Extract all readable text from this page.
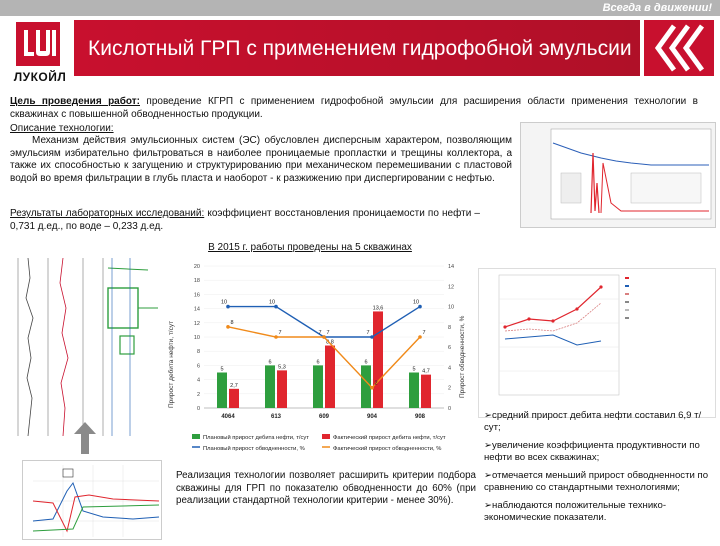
Всегда в движении!
ЛУКОЙЛ
Кислотный ГРП с применением гидрофобной эмульсии
Цель проведения работ: проведение КГРП с применением гидрофобной эмульсии для расширения области применения технологии в скважинах с повышенной обводненностью продукции.
Описание технологии:
Механизм действия эмульсионных систем (ЭС) обусловлен дисперсным характером, позволяющим эмульсиям избирательно фильтроваться в наиболее проницаемые пропластки и трещины коллектора, а также их способностью к загущению и структурированию при механическом перемешивании с пластовой водой во время фильтрации в глубь пласта и наоборот - к разжижению при диспергировании с нефтью.
Результаты лабораторных исследований: коэффициент восстановления проницаемости по нефти – 0,731 д.ед., по воде – 0,233 д.ед.
В 2015 г. работы проведены на 5 скважинах
Прирост дебита нефти, т/сут	Прирост обводненности, %
0
2
4
6
8
10
12
14
16
18
20
5
6	6	6
5
2,7
5,3
8,8
13,6
4,7
10	10
7	7
10
8
7	7
2
7
0
2
4
6
8
10
12
14
4064	613	609	904	908
Плановый прирост дебита нефти, т/сут	Фактический прирост дебита нефти, т/сут
Плановый прирост обводненности, %	Фактический прирост обводненности, %
➢средний прирост дебита нефти составил 6,9 т/сут;
➢увеличение коэффициента продуктивности по нефти во всех скважинах;
➢отмечается меньший прирост обводненности по сравнению со стандартными технологиями;
➢наблюдаются положительные технико-экономические показатели.
Реализация технологии позволяет расширить критерии подбора скважины для ГРП по показателю обводненности до 60% (при реализации стандартной технологии критерии - менее 30%).
